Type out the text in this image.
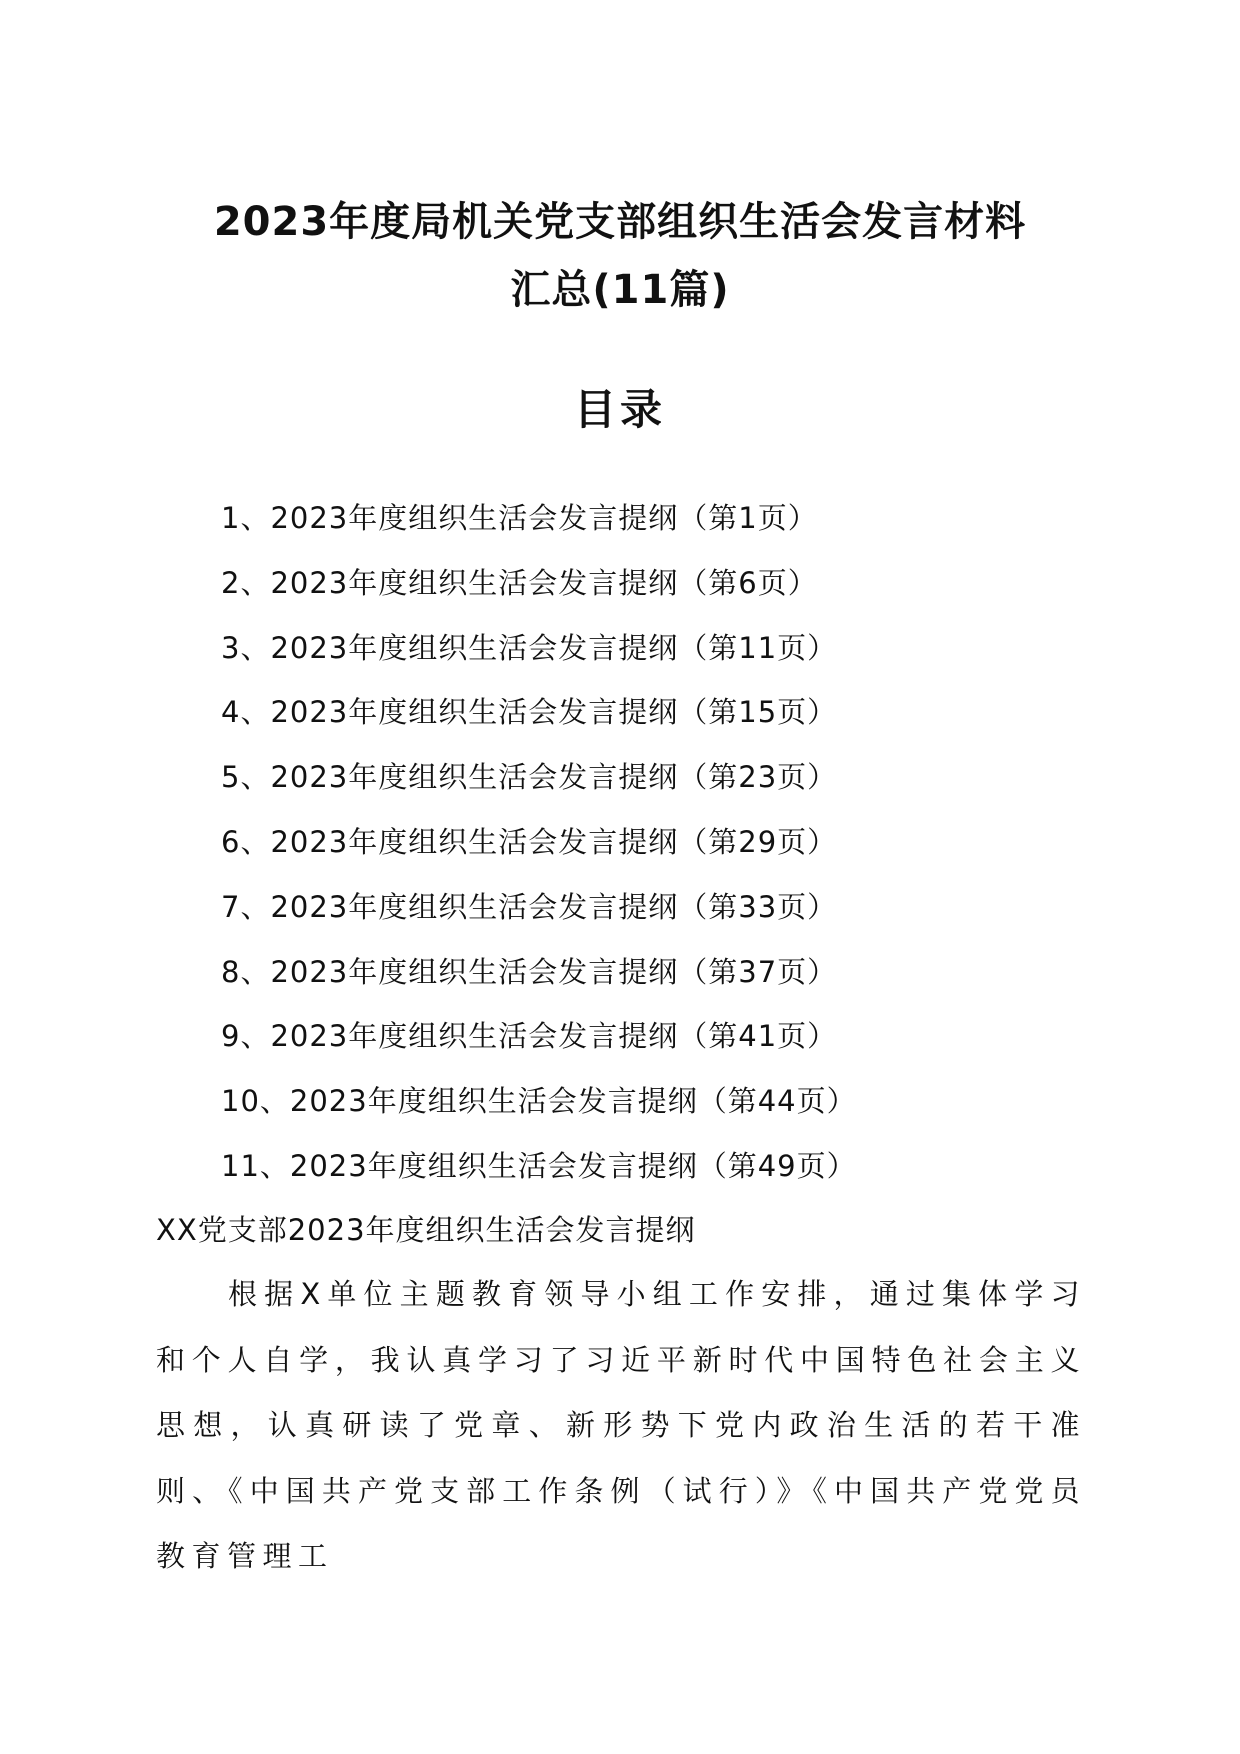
2023年度局机关党支部组织生活会发言材料
汇总(11篇)
目录
1、2023年度组织生活会发言提纲（第1页）
2、2023年度组织生活会发言提纲（第6页）
3、2023年度组织生活会发言提纲（第11页）
4、2023年度组织生活会发言提纲（第15页）
5、2023年度组织生活会发言提纲（第23页）
6、2023年度组织生活会发言提纲（第29页）
7、2023年度组织生活会发言提纲（第33页）
8、2023年度组织生活会发言提纲（第37页）
9、2023年度组织生活会发言提纲（第41页）
10、2023年度组织生活会发言提纲（第44页）
11、2023年度组织生活会发言提纲（第49页）
XX党支部2023年度组织生活会发言提纲

根据X单位主题教育领导小组工作安排，通过集体学习和个人自学，我认真学习了习近平新时代中国特色社会主义思想，认真研读了党章、新形势下党内政治生活的若干准则、《中国共产党支部工作条例（试行）》《中国共产党党员教育管理工
